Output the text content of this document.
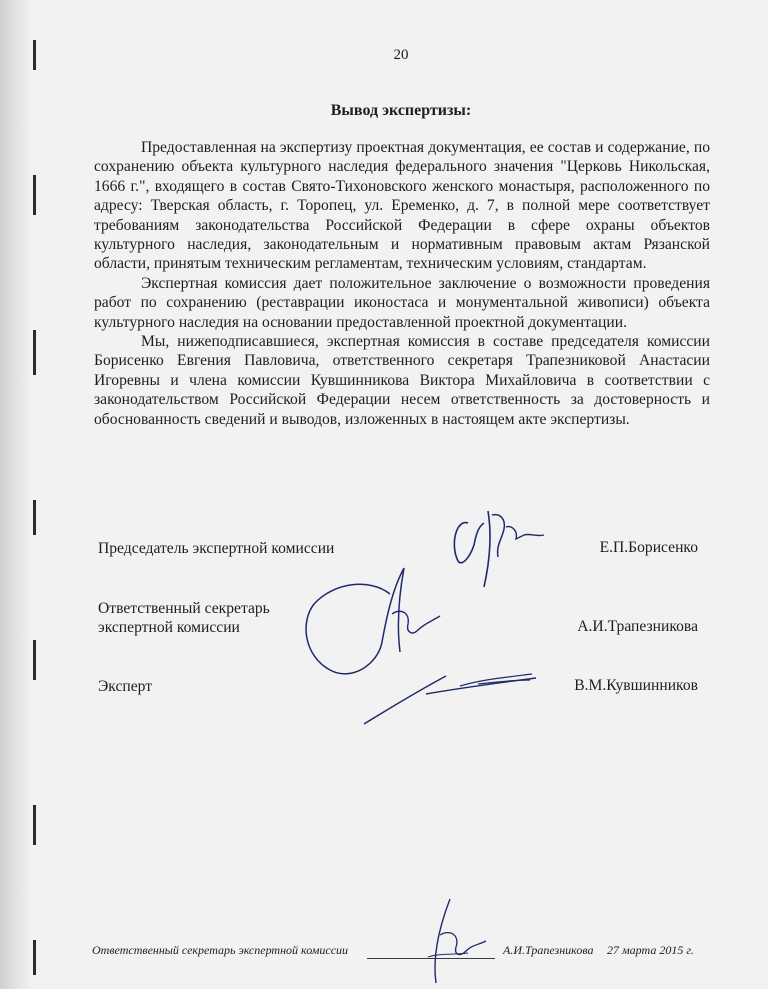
20
Вывод экспертизы:

Предоставленная на экспертизу проектная документация, ее состав и содержание, по сохранению объекта культурного наследия федерального значения "Церковь Никольская, 1666 г.", входящего в состав Свято-Тихоновского женского монастыря, расположенного по адресу: Тверская область, г. Торопец, ул. Еременко, д. 7, в полной мере соответствует требованиям законодательства Российской Федерации в сфере охраны объектов культурного наследия, законодательным и нормативным правовым актам Рязанской области, принятым техническим регламентам, техническим условиям, стандартам.

Экспертная комиссия дает положительное заключение о возможности проведения работ по сохранению (реставрации иконостаса и монументальной живописи) объекта культурного наследия на основании предоставленной проектной документации.

Мы, нижеподписавшиеся, экспертная комиссия в составе председателя комиссии Борисенко Евгения Павловича, ответственного секретаря Трапезниковой Анастасии Игоревны и члена комиссии Кувшинникова Виктора Михайловича в соответствии с законодательством Российской Федерации несем ответственность за достоверность и обоснованность сведений и выводов, изложенных в настоящем акте экспертизы.

Председатель экспертной комиссии	Е.П.Борисенко
Ответственный секретарь
экспертной комиссии	А.И.Трапезникова
Эксперт	В.М.Кувшинников
Ответственный секретарь экспертной комиссии	А.И.Трапезникова 27 марта 2015 г.
